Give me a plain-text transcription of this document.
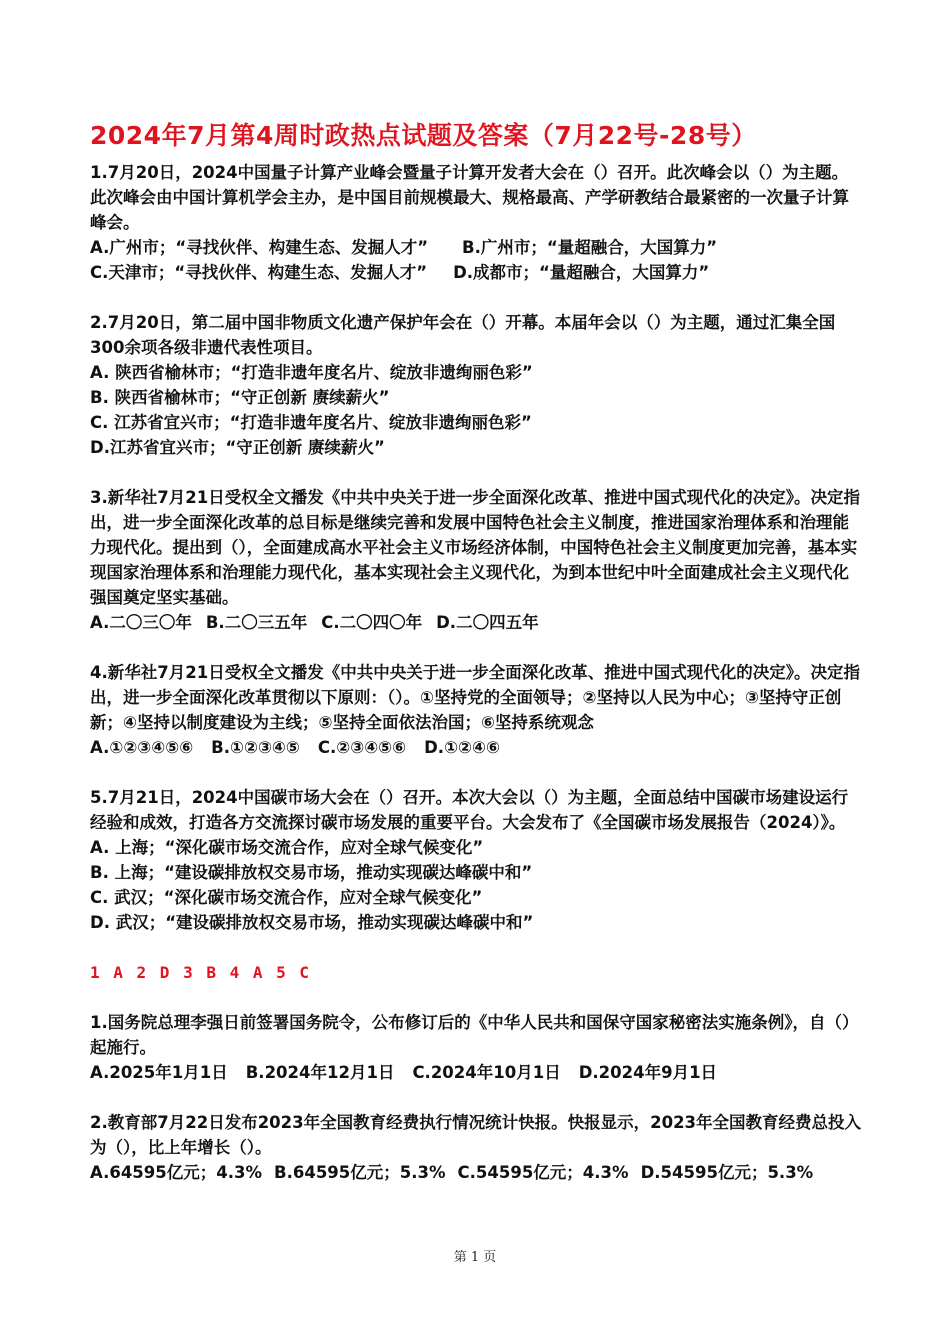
2024年7月第4周时政热点试题及答案（7月22号-28号）

1.7月20日，2024中国量子计算产业峰会暨量子计算开发者大会在（）召开。此次峰会以（）为主题。此次峰会由中国计算机学会主办，是中国目前规模最大、规格最高、产学研教结合最紧密的一次量子计算峰会。

A.广州市；“寻找伙伴、构建生态、发掘人才” B.广州市；“量超融合，大国算力”

C.天津市；“寻找伙伴、构建生态、发掘人才” D.成都市；“量超融合，大国算力”

2.7月20日，第二届中国非物质文化遗产保护年会在（）开幕。本届年会以（）为主题，通过汇集全国300余项各级非遗代表性项目。

A. 陕西省榆林市；“打造非遗年度名片、绽放非遗绚丽色彩”

B. 陕西省榆林市；“守正创新 赓续薪火”

C. 江苏省宜兴市；“打造非遗年度名片、绽放非遗绚丽色彩”

D.江苏省宜兴市；“守正创新 赓续薪火”

3.新华社7月21日受权全文播发《中共中央关于进一步全面深化改革、推进中国式现代化的决定》。决定指出，进一步全面深化改革的总目标是继续完善和发展中国特色社会主义制度，推进国家治理体系和治理能力现代化。提出到（），全面建成高水平社会主义市场经济体制，中国特色社会主义制度更加完善，基本实现国家治理体系和治理能力现代化，基本实现社会主义现代化，为到本世纪中叶全面建成社会主义现代化强国奠定坚实基础。

A.二〇三〇年 B.二〇三五年 C.二〇四〇年 D.二〇四五年

4.新华社7月21日受权全文播发《中共中央关于进一步全面深化改革、推进中国式现代化的决定》。决定指出，进一步全面深化改革贯彻以下原则：（）。①坚持党的全面领导；②坚持以人民为中心；③坚持守正创新；④坚持以制度建设为主线；⑤坚持全面依法治国；⑥坚持系统观念

A.①②③④⑤⑥ B.①②③④⑤ C.②③④⑤⑥ D.①②④⑥

5.7月21日，2024中国碳市场大会在（）召开。本次大会以（）为主题，全面总结中国碳市场建设运行经验和成效，打造各方交流探讨碳市场发展的重要平台。大会发布了《全国碳市场发展报告（2024）》。

A. 上海；“深化碳市场交流合作，应对全球气候变化”

B. 上海；“建设碳排放权交易市场，推动实现碳达峰碳中和”

C. 武汉；“深化碳市场交流合作，应对全球气候变化”

D. 武汉；“建设碳排放权交易市场，推动实现碳达峰碳中和”

1 A 2 D 3 B 4 A 5 C

1.国务院总理李强日前签署国务院令，公布修订后的《中华人民共和国保守国家秘密法实施条例》，自（）起施行。

A.2025年1月1日 B.2024年12月1日 C.2024年10月1日 D.2024年9月1日

2.教育部7月22日发布2023年全国教育经费执行情况统计快报。快报显示，2023年全国教育经费总投入为（），比上年增长（）。

A.64595亿元；4.3% B.64595亿元；5.3% C.54595亿元；4.3% D.54595亿元；5.3%

第 1 页
